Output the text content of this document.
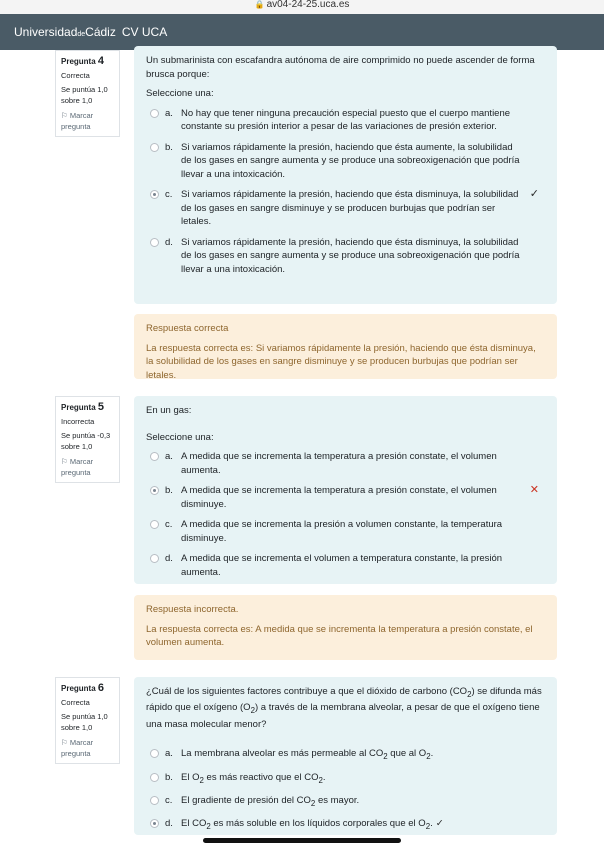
🔒 av04-24-25.uca.es
UniversidaddeCádiz CV UCA
Pregunta 4
Correcta
Se puntúa 1,0 sobre 1,0
⚐ Marcar pregunta
Un submarinista con escafandra autónoma de aire comprimido no puede ascender de forma brusca porque:
Seleccione una:
a. No hay que tener ninguna precaución especial puesto que el cuerpo mantiene constante su presión interior a pesar de las variaciones de presión exterior.
b. Si variamos rápidamente la presión, haciendo que ésta aumente, la solubilidad de los gases en sangre aumenta y se produce una sobreoxigenación que podría llevar a una intoxicación.
c. Si variamos rápidamente la presión, haciendo que ésta disminuya, la solubilidad de los gases en sangre disminuye y se producen burbujas que podrían ser letales.
✓
d. Si variamos rápidamente la presión, haciendo que ésta disminuya, la solubilidad de los gases en sangre aumenta y se produce una sobreoxigenación que podría llevar a una intoxicación.
Respuesta correcta
La respuesta correcta es: Si variamos rápidamente la presión, haciendo que ésta disminuya, la solubilidad de los gases en sangre disminuye y se producen burbujas que podrían ser letales.
Pregunta 5
Incorrecta
Se puntúa -0,3 sobre 1,0
⚐ Marcar pregunta
En un gas:
Seleccione una:
a. A medida que se incrementa la temperatura a presión constate, el volumen aumenta.
b. A medida que se incrementa la temperatura a presión constate, el volumen disminuye.
✕
c. A medida que se incrementa la presión a volumen constante, la temperatura disminuye.
d. A medida que se incrementa el volumen a temperatura constante, la presión aumenta.
Respuesta incorrecta.
La respuesta correcta es: A medida que se incrementa la temperatura a presión constate, el volumen aumenta.
Pregunta 6
Correcta
Se puntúa 1,0 sobre 1,0
⚐ Marcar pregunta
¿Cuál de los siguientes factores contribuye a que el dióxido de carbono $(CO_2)$ se difunda más rápido que el oxígeno $(O_2)$ a través de la membrana alveolar, a pesar de que el oxígeno tiene una masa molecular menor?
a. La membrana alveolar es más permeable al $CO_2$ que al $O_2$.
b. El $O_2$ es más reactivo que el $CO_2$.
c. El gradiente de presión del $CO_2$ es mayor.
d. El $CO_2$ es más soluble en los líquidos corporales que el $O_2$. ✓
